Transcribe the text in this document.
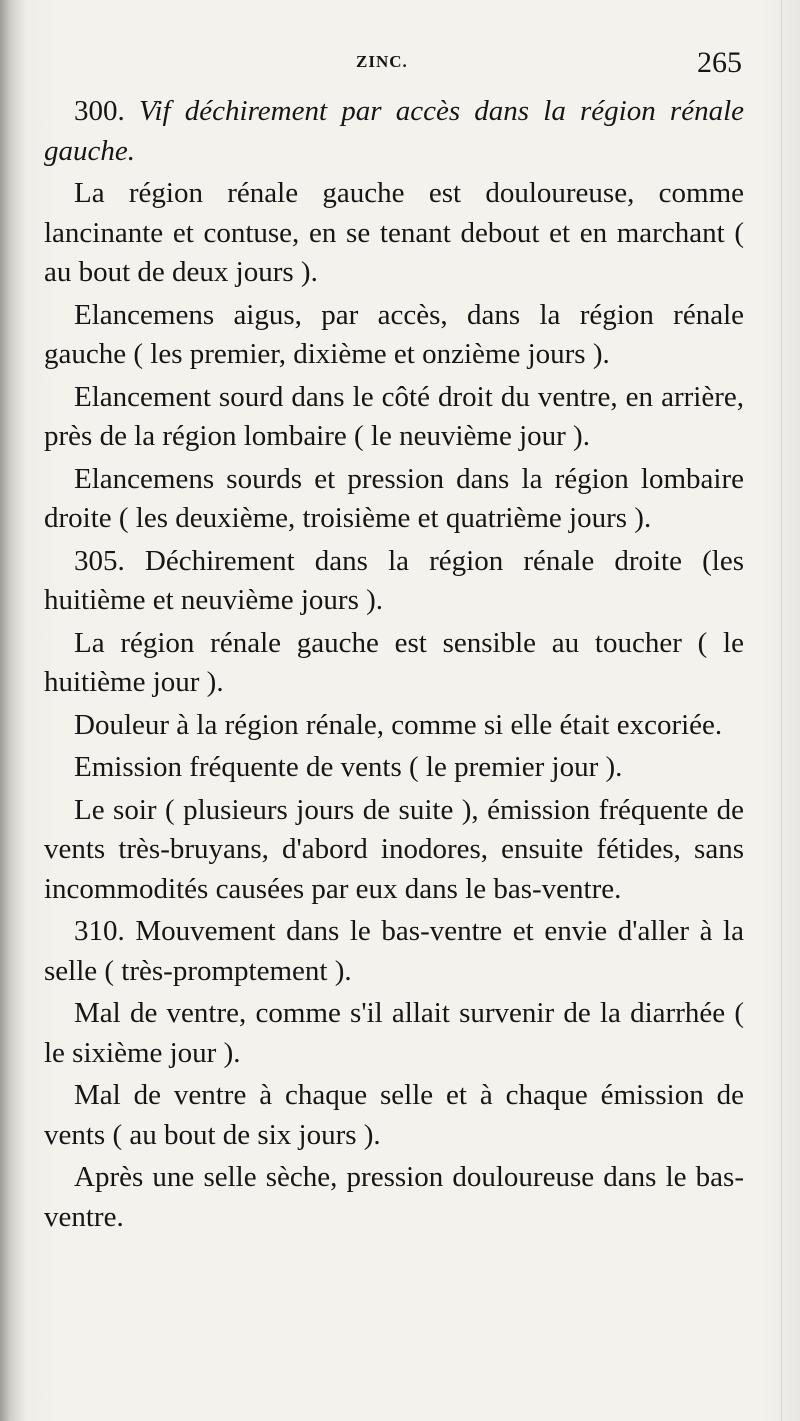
ZINC.	265

300. Vif déchirement par accès dans la région rénale gauche.

La région rénale gauche est douloureuse, comme lancinante et contuse, en se tenant debout et en marchant ( au bout de deux jours ).

Elancemens aigus, par accès, dans la région rénale gauche ( les premier, dixième et onzième jours ).

Elancement sourd dans le côté droit du ventre, en arrière, près de la région lombaire ( le neuvième jour ).

Elancemens sourds et pression dans la région lombaire droite ( les deuxième, troisième et quatrième jours ).

305. Déchirement dans la région rénale droite (les huitième et neuvième jours ).

La région rénale gauche est sensible au toucher ( le huitième jour ).

Douleur à la région rénale, comme si elle était excoriée.

Emission fréquente de vents ( le premier jour ).

Le soir ( plusieurs jours de suite ), émission fréquente de vents très-bruyans, d'abord inodores, ensuite fétides, sans incommodités causées par eux dans le bas-ventre.

310. Mouvement dans le bas-ventre et envie d'aller à la selle ( très-promptement ).

Mal de ventre, comme s'il allait survenir de la diarrhée ( le sixième jour ).

Mal de ventre à chaque selle et à chaque émission de vents ( au bout de six jours ).

Après une selle sèche, pression douloureuse dans le bas-ventre.
